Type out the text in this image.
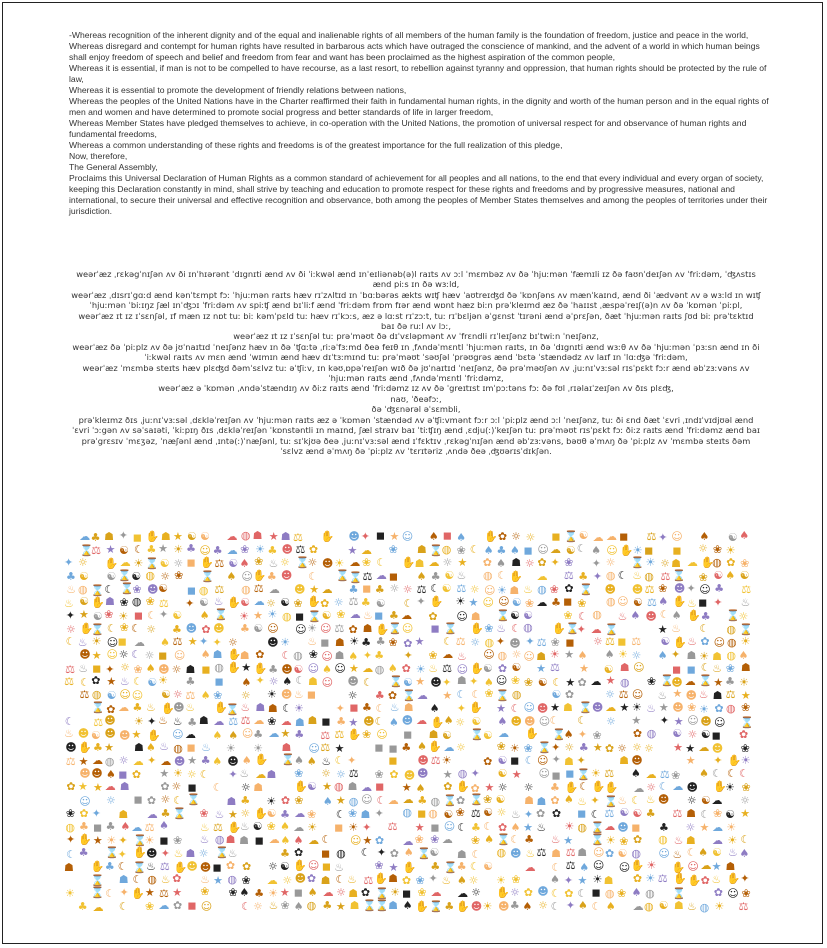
-Whereas recognition of the inherent dignity and of the equal and inalienable rights of all members of the human family is the foundation of freedom, justice and peace in the world,

Whereas disregard and contempt for human rights have resulted in barbarous acts which have outraged the conscience of mankind, and the advent of a world in which human beings shall enjoy freedom of speech and belief and freedom from fear and want has been proclaimed as the highest aspiration of the common people,

Whereas it is essential, if man is not to be compelled to have recourse, as a last resort, to rebellion against tyranny and oppression, that human rights should be protected by the rule of law,

Whereas it is essential to promote the development of friendly relations between nations,

Whereas the peoples of the United Nations have in the Charter reaffirmed their faith in fundamental human rights, in the dignity and worth of the human person and in the equal rights of men and women and have determined to promote social progress and better standards of life in larger freedom,

Whereas Member States have pledged themselves to achieve, in co-operation with the United Nations, the promotion of universal respect for and observance of human rights and fundamental freedoms,

Whereas a common understanding of these rights and freedoms is of the greatest importance for the full realization of this pledge,

Now, therefore,

The General Assembly,

Proclaims this Universal Declaration of Human Rights as a common standard of achievement for all peoples and all nations, to the end that every individual and every organ of society, keeping this Declaration constantly in mind, shall strive by teaching and education to promote respect for these rights and freedoms and by progressive measures, national and international, to secure their universal and effective recognition and observance, both among the peoples of Member States themselves and among the peoples of territories under their jurisdiction.

weərˈæz ˌrɛkəgˈnɪʃən ʌv ði ɪnˈhɪərənt ˈdɪgnɪti ænd ʌv ði ˈiːkwəl ænd ɪnˈeɪliənəb(ə)l raɪts ʌv ɔːl ˈmɛmbəz ʌv ðə ˈhjuːmən ˈfæmɪli ɪz ðə faʊnˈdeɪʃən ʌv ˈfriːdəm, ˈʤʌstɪs ænd piːs ɪn ðə wɜːld,

weərˈæz ˌdɪsrɪˈgɑːd ænd kənˈtɛmpt fɔː ˈhjuːmən raɪts hæv rɪˈzʌltɪd ɪn ˈbɑːbərəs ækts wɪʧ hæv ˈaʊtreɪʤd ðə ˈkɒnʃəns ʌv mænˈkaɪnd, ænd ði ˈædvənt ʌv ə wɜːld ɪn wɪʧ ˈhjuːmən ˈbiːɪŋz ʃæl ɪnˈʤɔɪ ˈfriːdəm ʌv spiːʧ ænd bɪˈliːf ænd ˈfriːdəm frɒm fɪər ænd wɒnt hæz biːn prəˈkleɪmd æz ðə ˈhaɪɪst ˌæspəˈreɪʃ(ə)n ʌv ðə ˈkɒmən ˈpiːpl,

weərˈæz ɪt ɪz ɪˈsɛnʃəl, ɪf mæn ɪz nɒt tuː biː kəmˈpɛld tuː hæv rɪˈkɔːs, æz ə lɑːst rɪˈzɔːt, tuː rɪˈbɛljən əˈgɛnst ˈtɪrəni ænd əˈprɛʃən, ðæt ˈhjuːmən raɪts ʃʊd biː prəˈtɛktɪd baɪ ðə ruːl ʌv lɔː,

weərˈæz ɪt ɪz ɪˈsɛnʃəl tuː prəˈməʊt ðə dɪˈvɛləpmənt ʌv ˈfrɛndli rɪˈleɪʃənz bɪˈtwiːn ˈneɪʃənz,

weərˈæz ðə ˈpiːplz ʌv ðə jʊˈnaɪtɪd ˈneɪʃənz hæv ɪn ðə ˈʧɑːtə ˌriːəˈfɜːmd ðeə feɪθ ɪn ˌfʌndəˈmɛntl ˈhjuːmən raɪts, ɪn ðə ˈdɪgnɪti ænd wɜːθ ʌv ðə ˈhjuːmən ˈpɜːsn ænd ɪn ði ˈiːkwəl raɪts ʌv mɛn ænd ˈwɪmɪn ænd hæv dɪˈtɜːmɪnd tuː prəˈməʊt ˈsəʊʃəl ˈprəʊgrəs ænd ˈbɛtə ˈstændədz ʌv laɪf ɪn ˈlɑːʤə ˈfriːdəm,

weərˈæz ˈmɛmbə steɪts hæv plɛʤd ðəmˈsɛlvz tuː əˈʧiːv, ɪn kəʊˌɒpəˈreɪʃən wɪð ðə jʊˈnaɪtɪd ˈneɪʃənz, ðə prəˈməʊʃən ʌv ˌjuːnɪˈvɜːsəl rɪsˈpɛkt fɔːr ænd əbˈzɜːvəns ʌv ˈhjuːmən raɪts ænd ˌfʌndəˈmɛntl ˈfriːdəmz,

weərˈæz ə ˈkɒmən ˌʌndəˈstændɪŋ ʌv ðiːz raɪts ænd ˈfriːdəmz ɪz ʌv ðə ˈgreɪtɪst ɪmˈpɔːtəns fɔː ðə fʊl ˌrɪəlaɪˈzeɪʃən ʌv ðɪs plɛʤ,

naʊ, ˈðeəfɔː,

ðə ˈʤɛnərəl əˈsɛmbli,

prəˈkleɪmz ðɪs ˌjuːnɪˈvɜːsəl ˌdɛkləˈreɪʃən ʌv ˈhjuːmən raɪts æz ə ˈkɒmən ˈstændəd ʌv əˈʧiːvmənt fɔːr ɔːl ˈpiːplz ænd ɔːl ˈneɪʃənz, tuː ði ɛnd ðæt ˈɛvri ˌɪndɪˈvɪdjʊəl ænd ˈɛvri ˈɔːgən ʌv səˈsaɪəti, ˈkiːpɪŋ ðɪs ˌdɛkləˈreɪʃən ˈkɒnstəntli ɪn maɪnd, ʃæl straɪv baɪ ˈtiːʧɪŋ ænd ˌɛdju(ː)ˈkeɪʃən tuː prəˈməʊt rɪsˈpɛkt fɔː ðiːz raɪts ænd ˈfriːdəmz ænd baɪ prəˈgrɛsɪv ˈmɛʒəz, ˈnæʃənl ænd ˌɪntə(ː)ˈnæʃənl, tuː sɪˈkjʊə ðeə ˌjuːnɪˈvɜːsəl ænd ɪˈfɛktɪv ˌrɛkəgˈnɪʃən ænd əbˈzɜːvəns, bəʊθ əˈmʌŋ ðə ˈpiːplz ʌv ˈmɛmbə steɪts ðəmˈsɛlvz ænd əˈmʌŋ ðə ˈpiːplz ʌv ˈtɛrɪtəriz ˌʌndə ðeə ˌʤʊərɪsˈdɪkʃən.

☁ ♣ ☗ ✦ ◼ ✋ ☗ ★ ☯ ☯ ☁ ◍ ☗ ★ ☗ ⚖ ✋ ☻ ✦ ◼ ★ ☺ ♠ ◼ ♠ ✋ ✿ ☼ ☼ ◼ ⌛ ☯ ☁ ☁ ◼ ⚖ ✦ ☺ ♠ ☯ ♠
⌛
⚖ ★ ☯ ☾ ♣ ★ ☀ ♣ ☺ ♣ ☁ ❀ ☀ ♣ ☻ ⚖ ✿	★ ☁ ❀ ☗ ⌛ ◍ ❀ ☾ ♠ ♣ ♠ ◼ ☺ ☁ ☯ ☾ ♠ ☺ ✋ ☀ ◼ ◼ ☼ ❀ ☀
✦ ☼ ✋ ☁ ☀ ⌛ ☯ ☼ ◼ ✋ ⚖ ☯ ♠ ❀ ♨ ☼ ⌛
☼ ☻ ☀ ☁ ❀ ☾ ✋ ☗ ☁ ☼ ★ ✿ ♠ ☗ ☼ ✿ ✦ ❀ ✦ ☼ ⌛ ☀ ☼ ☗ ☁ ✋
◍ ✿ ❀
♣ ☯ ☯ ⌛ ☯ ◍ ☼ ❀ ⌛ ♠ ☺ ✋ ♣ ☻ ☾ ⌛ ⌛ ⚖ ☁ ◼ ♠ ♣ ☯ ♨ ◍ ☾ ✋ ☁ ⚖ ♣ ✦ ◍ ☾ ♨ ◍ ⚖ ⌛ ❀ ☯ ♠ ☯
♨ ◍ ⌛ ☾ ⌛
❀ ☻ ☯ ◼ ◍ ⚖ ◍ ⚖ ☁ ☻ ★ ☁ ♣ ◼ ♣ ☼ ☼ ⚖ ☾ ☯ ⚖ ☼ ☺ ☀ ☗ ♨ ◍ ❀ ✿ ⌛ ☻ ☻ ⚖ ❀ ☻ ✦ ☺ ♣ ⚖
♨ ☯ ✋ ☗ ❀ ◍ ❀ ⚖ ✦ ☯ ♨ ✋ ☯ ☁ ☼ ☯ ❀ ✋ ✿ ☼ ⚖ ♣ ☯ ☾ ✦ ✋ ☀ ★ ☺ ☺ ☯ ❀ ☁ ♣ ◼ ❀ ◍ ☺ ☯ ⚖ ♠ ✋ ♨ ◼ ✦ ♨
✦ ★ ☯ ❀ ☀ ◼ ☾ ✦ ☯ ♠ ⌛ ☀ ★ ☀ ◍ ◼ ⌛ ☯ ❀ ☁ ♨ ◼ ♣ ☁ ✿ ☺ ☗ ⌛ ☯ ☯	❀ ☾ ◍ ♨ ♠ ☻ ☾ ♠ ✋ ♣ ⌛
☼
☼ ✋
⌛ ☾ ❀ ☾ ☼ ♣ ☻ ✿ ☻ ♣ ☯ ☺ ☺ ☀ ☺ ⚖ ✿ ☗ ✋
⌛ ☺ ◼ ⌛ ✋ ❀ ♨ ☾ ◍ ✋ ⌛
✦ ☁ ⌛	★ ♨ ☾ ◍ ⌛
☾ ♨ ☀ ☺ ◼ ☁ ♠ ⚖ ★ ✦ ✦ ☼	☻ ☀ ♨ ◼ ☗ ☀ ♣ ♣ ❀ ✿ ★ ☾ ⚖ ☼ ◍ ✦ ☻ ✦ ⚖ ❀ ◼ ☼ ⚖ ◼ ⚖ ☯ ✋ ♨ ✿ ☺ ◍ ☀
☻ ★ ☺ ☼ ☾ ☼ ◼ ☺ ♠ ☗ ✋
☗ ✿ ☾ ◍ ❀ ☺ ☗ ♠ ✦ ♣ ✦ ❀ ☁ ♨ ☺ ◍ ☼ ☺ ☗ ☀ ★ ♠ ♠ ☀ ☼ ♠ ✦ ☗ ☀ ☗ ◍ ♠
⚖ ♨ ◼ ✦ ☼ ❀ ♠ ☻ ☼ ☗ ◼ ◍ ✋ ★ ✋ ♣ ☻ ☯ ☺ ♠ ☺ ★ ☁ ◍ ♠ ✿ ☀ ♨ ⚖ ☺ ✋ ☯ ✿ ☯ ★ ⚖ ★ ☯ ☗ ☺ ◼ ◼ ☾ ♨ ❀ ☗
⚖ ☾ ✿ ★ ♨ ☾ ☯ ☀ ♣ ◼ ♠ ✦ ☼ ♠ ☾ ☗ ☺ ☻ ☾ ⌛ ☯ ★ ☻ ✦ ☗ ✦ ♠ ☺ ❀ ❀ ☯ ☾ ★ ✿ ☁ ★ ◍ ❀ ⌛
☻ ☁ ⌛ ★ ♣ ☀
⚖ ◍ ☯ ☺ ☺ ☯ ☼ ⚖ ♠ ❀ ☼ ☀ ☻ ♨ ◼	☼ ♣ ✿ ⌛ ☁ ★ ☾ ☾ ❀ ⌛ ◍	☯ ✿	☼ ⚖ ☺ ♨ ★ ☻ ♨ ☗ ⚖ ★
⌛ ✿ ☁ ♣ ♨ ✋
☻ ♨ ✋
⌛ ♨ ☗ ☗ ☾ ☀	✦ ◼ ♣ ☾ ♨ ☗ ♠ ✦ ✋ ★ ☾ ☺ ☻ ★ ☗ ⌛ ☻ ☁ ★ ☀ ♨ ★ ☻ ❀ ☀ ✿ ◍ ❀
☾ ⚖ ☻ ☀ ✦ ♨ ♨ ♣ ☗ ☁ ⚖ ⚖ ☁ ❀ ☁ ☗ ☗ ◼ ♣ ★ ☻ ☾ ♠ ☻ ☁ ✋ ♠ ☼ ☯ ♠ ☻ ☻ ☺ ☾ ☾ ☼ ★ ✦ ★ ☺ ☻ ☺ ⌛
♨ ☻ ☯ ☻ ☻ ★ ✋ ☺ ☁ ♠ ♠ ☺ ♣ ☁ ★ ♣ ⚖ ⚖ ✋ ❀ ☺ ◼ ☗ ☯ ⌛ ☯ ☁ ✋ ⌛
♠ ✦ ❀	✿ ◍ ☯ ☼ ☯ ◼ ✿
☻ ✋ ♣ ★ ☗ ♠ ♨ ◍ ◼ ♨ ☀ ☀ ☗ ☺ ⚖ ★	◼ ◼ ♣ ♠ ✋ ☁ ☼	❀ ☀ ❀ ⌛ ✦ ☼ ♣ ★ ✿ ☼ ☼ ☼ ★ ★ ☁ ☻ ❀
⚖ ★ ☁ ◍ ☼ ☁ ✦ ☁ ☻ ★ ♣ ♠ ☻ ♠ ✋ ⌛ ♠ ♠ ♨ ☾ ✦	◼ ☻ ⚖ ☀	✿ ☯ ◼ ☾ ☺ ✦ ☗ ✦	☗ ☻	★ ✦ ✋ ☀
☻ ☻ ♠ ◼ ✿ ★ ☀ ☼ ☾ ✦ ♨ ☁ ☗ ❀ ☼ ☼ ⚖ ❀ ✿ ☻ ☻ ★ ◍ ✦ ☯ ★ ☺ ◼ ◼ ⌛ ☀ ⚖ ♠ ☁ ⚖ ❀ ♠ ☾ ☾ ☾
✿ ★ ★ ☁ ☗	✿ ☼ ◼ ☾ ☼ ☗	✋
☯ ★ ◍ ☗ ☁ ◼ ★ ♠ ✿ ✋ ✿ ★ ☼ ☼ ♣ ✋ ☾ ✋ ✋ ☁ ☼ ☾ ☁ ☻ ✋
☀ ❀
☺ ☼ ◼ ✿ ☼ ☾ ⌛ ☗ ♣ ☀ ✿ ❀ ♠ ★ ◍ ☺ ☾ ☁ ☁ ♣ ◍ ⌛ ✿ ⌛ ❀ ☯ ☗ ☗ ✿ ♠ ♨ ✦ ⌛ ♨ ☾ ♨ ☻ ☼ ☯ ☁ ☼
❀ ✿ ✦ ☗ ☁ ♣ ⌛ ❀ ♨ ★ ☼ ✋
☯ ♣ ☁ ❀ ☾ ❀ ☗ ✦ ◍ ◼ ◍ ☯ ❀ ⚖ ☯ ☼ ♨ ✦ ✿ ✿ ◼ ☾ ⚖ ☯ ☯ ♣ ⚖ ☗ ☾ ❀ ☯ ★
◍ ♣ ◼ ♣ ♠ ☁ ⚖ ♠	♨ ⚖ ✋
♨ ☯ ❀ ♠ ☁ ☀ ◼ ☀ ✦ ⚖ ★ ◼ ☺ ☾ ♣ ☾ ✿ ♠ ★ ♨ ☀ ◍ ⌛ ☁ ☻ ◼ ♣ ☼ ★ ☁ ☀
✦ ✋ ★ ☀ ✦ ⌛
☀ ◼ ❀ ♨ ◍ ☗ ☗ ◼ ☁ ♠ ♠ ☁ ☾ ☺ ★ ✿ ☁ ❀ ❀ ☁ ❀ ♠ ⌛ ☾ ♣ ♨ ★ ⌛ ☀ ❀ ✿ ◍ ♨ ☗ ☁ ☀ ☾
☾ ♣ ⌛
✦ ✋ ☻ ✦ ♨ ☗ ☼ ⌛ ♨	♣ ✿ ◼ ◍ ☾ ✦ ✿ ♠ ⌛
☯ ☗ ☾ ◍ ☻ ♨ ⚖ ☗ ⚖ ☗ ☺ ✿ ☯ ◍ ☺ ♨ ☾ ♠ ☯ ♨ ♠
☗ ✋ ♣ ☾ ⌛ ♨ ⚖ ✋
☻ ☻ ◼ ✿ ✿ ☼ ☯ ✋ ☺ ◼ ♨	❀ ★ ✋ ♣ ⌛ ♣ ☾ ☯	☁ ☾ ⚖ ♠ ☺ ☺ ✋ ☀ ✋ ☺ ☁ ★ ☗
⌛ ☗ ☾ ◍ ♨ ✿ ♨ ★ ◍ ❀ ☁ ☼ ☻ ✿ ☗ ☾ ♨ ⚖ ✋ ☗ ✿ ❀ ✦ ♨ ♠ ☼ ☀ ❀	♠ ✦ ★ ☀ ☗ ✿ ☀ ⚖ ✋ ✋ ✿ ♨ ✋ ✦
☀ ⌛ ☾ ✦ ✋ ★ ⚖ ★ ❀ ❀ ♠ ♣ ☀ ★ ◼ ♠ ☁ ☼ ☗ ✿ ⌛ ☀ ◼ ❀ ☁ ☁ ☼ ✋ ☼ ✿ ☻ ☾ ✿ ☾ ◼ ◍ ❀ ♠ ◍ ⌛	✿ ☺ ❀
♣ ☁ ☾ ❀ ☁ ✿ ◼ ☺	☾ ☼ ♨ ❀ ♠ ◍ ♣ ★ ☗ ⌛
⌛ ☗ ♠ ✋ ⌛ ♣ ✋ ☻ ☀ ☻ ♣ ♠ ☼ ☾ ✦ ♠ ☾ ♠ ☁ ◍ ☯ ☗ ♨ ◍ ☀ ⚖
